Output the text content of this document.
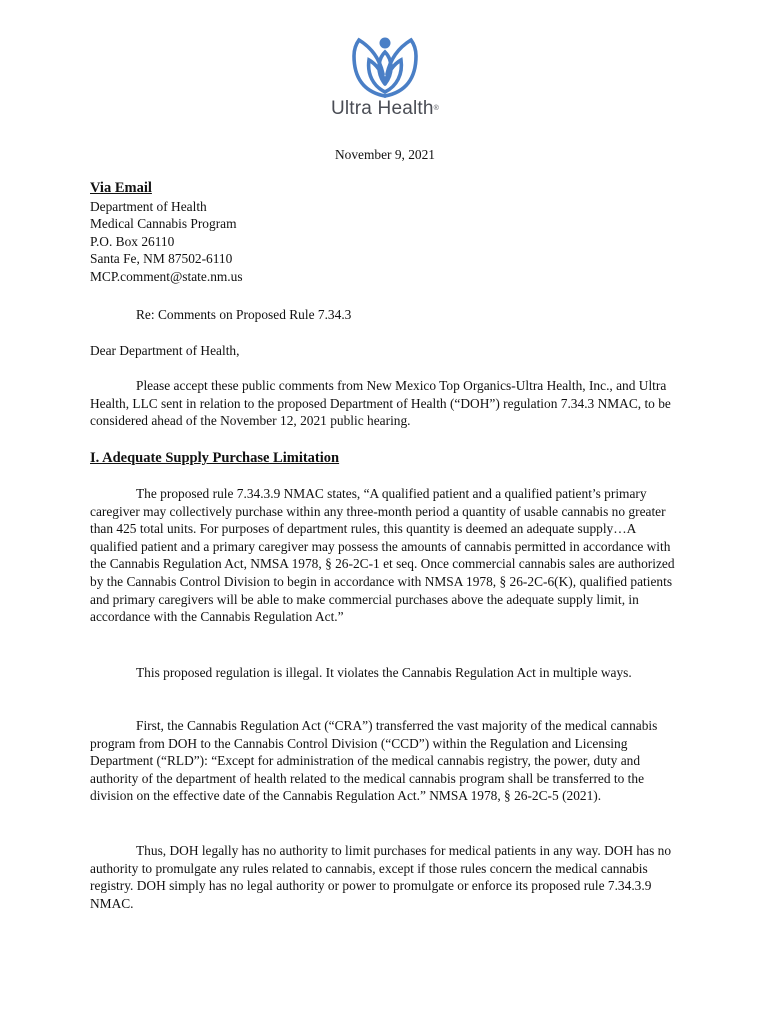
Ultra Health®
November 9, 2021

Via Email

Department of Health

Medical Cannabis Program

P.O. Box 26110

Santa Fe, NM 87502-6110

MCP.comment@state.nm.us

Re: Comments on Proposed Rule 7.34.3
Dear Department of Health,

Please accept these public comments from New Mexico Top Organics-Ultra Health, Inc., and Ultra Health, LLC sent in relation to the proposed Department of Health (“DOH”) regulation 7.34.3 NMAC, to be considered ahead of the November 12, 2021 public hearing.

I. Adequate Supply Purchase Limitation

The proposed rule 7.34.3.9 NMAC states, “A qualified patient and a qualified patient’s primary caregiver may collectively purchase within any three-month period a quantity of usable cannabis no greater than 425 total units. For purposes of department rules, this quantity is deemed an adequate supply…A qualified patient and a primary caregiver may possess the amounts of cannabis permitted in accordance with the Cannabis Regulation Act, NMSA 1978, § 26-2C-1 et seq. Once commercial cannabis sales are authorized by the Cannabis Control Division to begin in accordance with NMSA 1978, § 26-2C-6(K), qualified patients and primary caregivers will be able to make commercial purchases above the adequate supply limit, in accordance with the Cannabis Regulation Act.”

This proposed regulation is illegal. It violates the Cannabis Regulation Act in multiple ways.

First, the Cannabis Regulation Act (“CRA”) transferred the vast majority of the medical cannabis program from DOH to the Cannabis Control Division (“CCD”) within the Regulation and Licensing Department (“RLD”): “Except for administration of the medical cannabis registry, the power, duty and authority of the department of health related to the medical cannabis program shall be transferred to the division on the effective date of the Cannabis Regulation Act.” NMSA 1978, § 26-2C-5 (2021).

Thus, DOH legally has no authority to limit purchases for medical patients in any way. DOH has no authority to promulgate any rules related to cannabis, except if those rules concern the medical cannabis registry. DOH simply has no legal authority or power to promulgate or enforce its proposed rule 7.34.3.9 NMAC.
